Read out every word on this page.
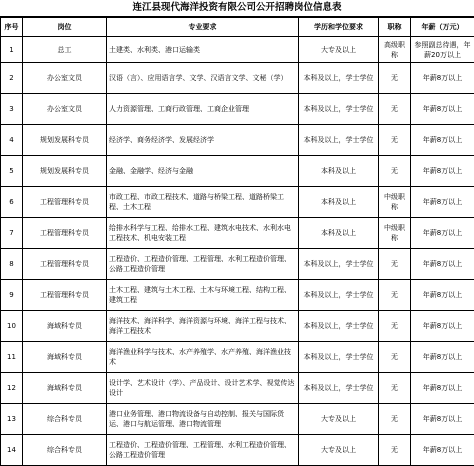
连江县现代海洋投资有限公司公开招聘岗位信息表
序号	岗位	专业要求	学历和学位要求	职称	年薪（万元）
1	总工	土建类、水利类、港口运输类	大专及以上	高级职称	参照副总待遇，年薪20万以上
2	办公室文员	汉语（言）、应用语言学、文学、汉语言文学、文秘（学）	本科及以上，学士学位	无	年薪8万以上
3	办公室文员	人力资源管理、工商行政管理、工商企业管理	本科及以上，学士学位	无	年薪8万以上
4	规划发展科专员	经济学、商务经济学、发展经济学	本科及以上，学士学位	无	年薪8万以上
5	规划发展科专员	金融、金融学、经济与金融	本科及以上	无	年薪8万以上
6	工程管理科专员	市政工程、市政工程技术、道路与桥梁工程、道路桥梁工程、土木工程	本科及以上	中级职称	年薪8万以上
7	工程管理科专员	给排水科学与工程、给排水工程、建筑水电技术、水利水电工程技术、机电安装工程	本科及以上	中级职称	年薪8万以上
8	工程管理科专员	工程造价、工程造价管理、工程管理、水利工程造价管理、公路工程造价管理	本科及以上，学士学位	无	年薪8万以上
9	工程管理科专员	土木工程、建筑与土木工程、土木与环境工程、结构工程、建筑工程	本科及以上，学士学位	无	年薪8万以上
10	海域科专员	海洋技术、海洋科学、海洋资源与环境、海洋工程与技术、海洋工程技术	本科及以上，学士学位	无	年薪8万以上
11	海域科专员	海洋渔业科学与技术、水产养殖学、水产养殖、海洋渔业技术	本科及以上，学士学位	无	年薪8万以上
12	海域科专员	设计学、艺术设计（学）、产品设计、设计艺术学、视觉传达设计	本科及以上，学士学位	无	年薪8万以上
13	综合科专员	港口业务管理、港口物流设备与自动控制、报关与国际货运、港口与航运管理、港口物流管理	大专及以上	无	年薪8万以上
14	综合科专员	工程造价、工程造价管理、工程管理、水利工程造价管理、公路工程造价管理	大专及以上	无	年薪8万以上
